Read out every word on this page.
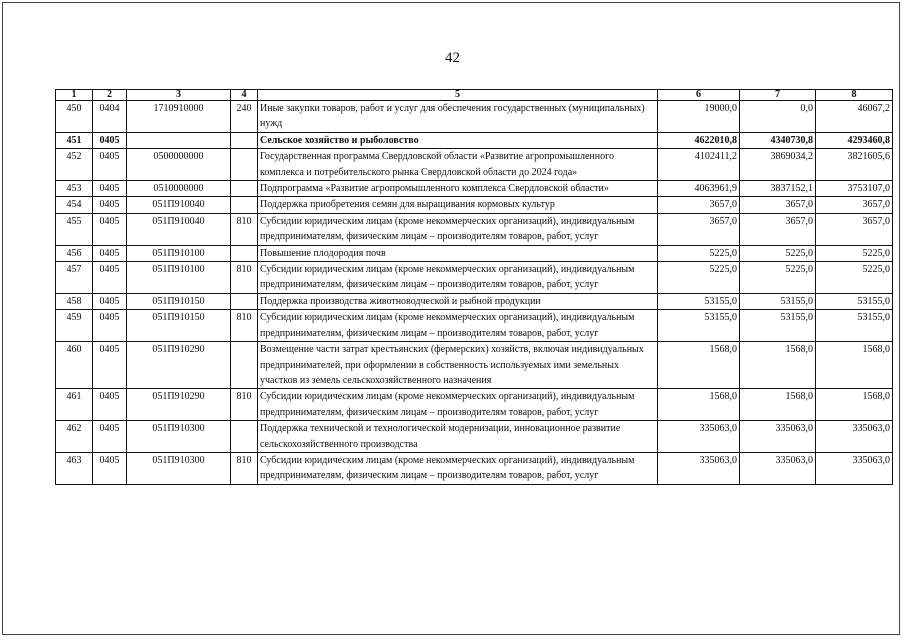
42
1	2	3	4	5	6	7	8
450	0404	1710910000	240	Иные закупки товаров, работ и услуг для обеспечения государственных (муниципальных) нужд	19000,0	0,0	46067,2
451	0405			Сельское хозяйство и рыболовство	4622010,8	4340730,8	4293460,8
452	0405	0500000000		Государственная программа Свердловской области «Развитие агропромышленного комплекса и потребительского рынка Свердловской области до 2024 года»	4102411,2	3869034,2	3821605,6
453	0405	0510000000		Подпрограмма «Развитие агропромышленного комплекса Свердловской области»	4063961,9	3837152,1	3753107,0
454	0405	051П910040		Поддержка приобретения семян для выращивания кормовых культур	3657,0	3657,0	3657,0
455	0405	051П910040	810	Субсидии юридическим лицам (кроме некоммерческих организаций), индивидуальным предпринимателям, физическим лицам – производителям товаров, работ, услуг	3657,0	3657,0	3657,0
456	0405	051П910100		Повышение плодородия почв	5225,0	5225,0	5225,0
457	0405	051П910100	810	Субсидии юридическим лицам (кроме некоммерческих организаций), индивидуальным предпринимателям, физическим лицам – производителям товаров, работ, услуг	5225,0	5225,0	5225,0
458	0405	051П910150		Поддержка производства животноводческой и рыбной продукции	53155,0	53155,0	53155,0
459	0405	051П910150	810	Субсидии юридическим лицам (кроме некоммерческих организаций), индивидуальным предпринимателям, физическим лицам – производителям товаров, работ, услуг	53155,0	53155,0	53155,0
460	0405	051П910290		Возмещение части затрат крестьянских (фермерских) хозяйств, включая индивидуальных предпринимателей, при оформлении в собственность используемых ими земельных участков из земель сельскохозяйственного назначения	1568,0	1568,0	1568,0
461	0405	051П910290	810	Субсидии юридическим лицам (кроме некоммерческих организаций), индивидуальным предпринимателям, физическим лицам – производителям товаров, работ, услуг	1568,0	1568,0	1568,0
462	0405	051П910300		Поддержка технической и технологической модернизации, инновационное развитие сельскохозяйственного производства	335063,0	335063,0	335063,0
463	0405	051П910300	810	Субсидии юридическим лицам (кроме некоммерческих организаций), индивидуальным предпринимателям, физическим лицам – производителям товаров, работ, услуг	335063,0	335063,0	335063,0
